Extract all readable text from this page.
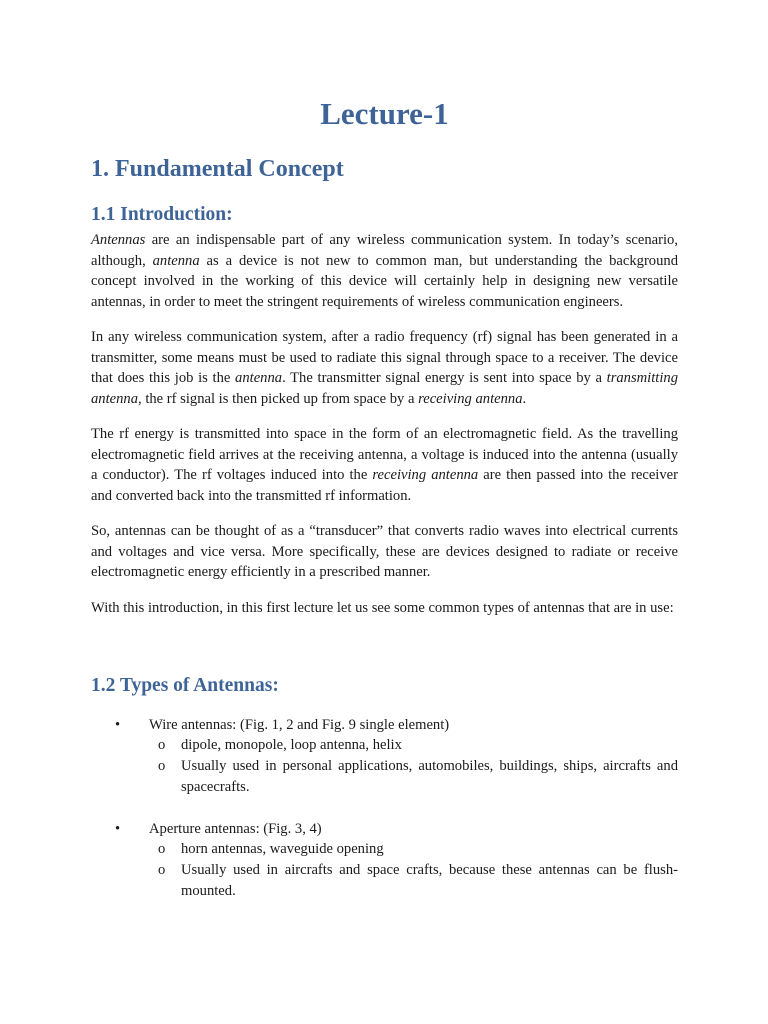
Lecture-1
1. Fundamental Concept
1.1 Introduction:

Antennas are an indispensable part of any wireless communication system. In today’s scenario, although, antenna as a device is not new to common man, but understanding the background concept involved in the working of this device will certainly help in designing new versatile antennas, in order to meet the stringent requirements of wireless communication engineers.

In any wireless communication system, after a radio frequency (rf) signal has been generated in a transmitter, some means must be used to radiate this signal through space to a receiver. The device that does this job is the antenna. The transmitter signal energy is sent into space by a transmitting antenna, the rf signal is then picked up from space by a receiving antenna.

The rf energy is transmitted into space in the form of an electromagnetic field. As the travelling electromagnetic field arrives at the receiving antenna, a voltage is induced into the antenna (usually a conductor). The rf voltages induced into the receiving antenna are then passed into the receiver and converted back into the transmitted rf information.

So, antennas can be thought of as a “transducer” that converts radio waves into electrical currents and voltages and vice versa. More specifically, these are devices designed to radiate or receive electromagnetic energy efficiently in a prescribed manner.

With this introduction, in this first lecture let us see some common types of antennas that are in use:

1.2 Types of Antennas:
• Wire antennas: (Fig. 1, 2 and Fig. 9 single element)
o dipole, monopole, loop antenna, helix
o Usually used in personal applications, automobiles, buildings, ships, aircrafts and spacecrafts.
• Aperture antennas: (Fig. 3, 4)
o horn antennas, waveguide opening
o Usually used in aircrafts and space crafts, because these antennas can be flush-mounted.
